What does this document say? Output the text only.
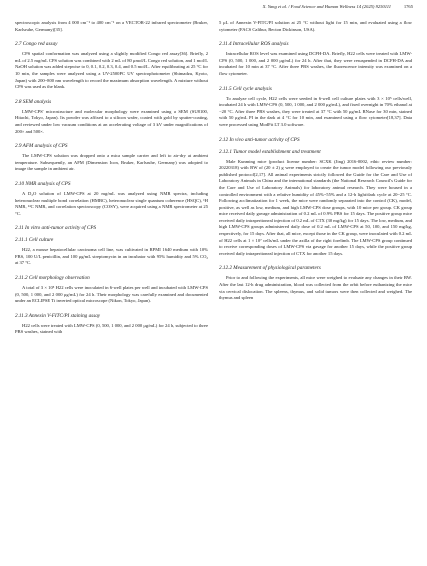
X. Yang et al. / Food Science and Human Wellness 14 (2025) 9250111	1765

spectroscopic analysis from 4 000 cm⁻¹ to 400 cm⁻¹ on a VECTOR-22 infrared spectrometer (Bruker, Karlsruhe, Germany)[35].

2.7 Congo red assay

CPS spatial conformation was analyzed using a slightly modified Congo red assay[36]. Briefly, 2 mL of 2.5 mg/mL CPS solution was combined with 2 mL of 80 μmol/L Congo red solution, and 1 mol/L NaOH solution was added stepwise to 0, 0.1, 0.2, 0.3, 0.4, and 0.5 mol/L. After equilibrating at 25 °C for 10 min, the samples were analyzed using a UV-2500PC UV spectrophotometer (Shimadzu, Kyoto, Japan) with 200~800 nm wavelength to record the maximum absorption wavelength. A mixture without CPS was used as the blank.

2.8 SEM analysis

LMW-CPS' microstructure and molecular morphology were examined using a SEM (SU8100, Hitachi, Tokyo, Japan). Its powder was affixed to a silicon wafer, coated with gold by sputter-coating, and reviewed under low vacuum conditions at an accelerating voltage of 3 kV under magnifications of 200× and 500×.

2.9 AFM analysis of CPS

The LMW-CPS solution was dropped onto a mica sample carrier and left to air-dry at ambient temperature. Subsequently, an AFM (Dimension Icon, Bruker, Karlsruhe, Germany) was adopted to image the sample in ambient air.

2.10 NMR analysis of CPS

A D₂O solution of LMW-CPS at 20 mg/mL was analyzed using NMR spectra, including heteronuclear multiple bond correlation (HMBC), heteronuclear single quantum coherence (HSQC), ¹H NMR, ¹³C NMR, and correlation spectroscopy (COSY), were acquired using a NMR spectrometer at 25 °C.

2.11 In vitro anti-tumor activity of CPS
2.11.1 Cell culture

H22, a mouse hepatocellular carcinoma cell line, was cultivated in RPMI 1640 medium with 10% FBS, 100 U/L penicillin, and 100 μg/mL streptomycin in an incubator with 95% humidity and 5% CO₂ at 37 °C.

2.11.2 Cell morphology observation

A total of 3 × 10⁵ H22 cells were inoculated in 6-well plates per well and incubated with LMW-CPS (0, 500, 1 000, and 2 000 μg/mL) for 24 h. Their morphology was carefully examined and documented under an ECLIPSE Ti inverted optical microscope (Nikon, Tokyo, Japan).

2.11.3 Annexin V-FITC/PI staining assay

H22 cells were treated with LMW-CPS (0, 500, 1 000, and 2 000 μg/mL) for 24 h, subjected to three PBS washes, stained with

5 μL of Annexin V-FITC/PI solution at 25 °C without light for 15 min, and evaluated using a flow cytometer (FACS Calibur, Becton Dickinson, USA).

2.11.4 Intracellular ROS analysis

Intracellular ROS level was examined using DCFH-DA. Briefly, H22 cells were treated with LMW-CPS (0, 500, 1 000, and 2 000 μg/mL) for 24 h. After that, they were resuspended in DCFH-DA and incubated for 10 min at 37 °C. After three PBS washes, the fluorescence intensity was examined on a flow cytometer.

2.11.5 Cell cycle analysis

To analyze cell cycle, H22 cells were seeded in 6-well cell culture plates with 3 × 10⁵ cells/well, incubated 24 h with LMW-CPS (0, 500, 1 000, and 2 000 μg/mL), and fixed overnight in 70% ethanol at −20 °C. After three PBS washes, they were treated at 37 °C with 50 μg/mL RNase for 30 min, stained with 50 μg/mL PI in the dark at 4 °C for 10 min, and examined using a flow cytometer[18,37]. Data were processed using ModFit LT 3.0 software.

2.12 In vivo anti-tumor activity of CPS
2.12.1 Tumor model establishment and treatment

Male Kunming mice (product license number: SCXK (Jing) 2016-0002, ethic review number: 20220318) with BW of (20 ± 2) g were employed to create the tumor model following our previously published protocol[2,17]. All animal experiments strictly followed the Guide for the Care and Use of Laboratory Animals in China and the international standards (the National Research Council's Guide for the Care and Use of Laboratory Animals) for laboratory animal research. They were housed in a controlled environment with a relative humidity of 45%~55% and a 12-h light/dark cycle at 20~25 °C. Following acclimatization for 1 week, the mice were randomly separated into the control (CK), model, positive, as well as low, medium, and high LMW-CPS dose groups, with 10 mice per group. CK group mice received daily gavage administration of 0.2 mL of 0.9% PBS for 15 days. The positive group mice received daily intraperitoneal injection of 0.2 mL of CTX (30 mg/kg) for 15 days. The low, medium, and high LMW-CPS groups administered daily dose of 0.2 mL of LMW-CPS at 50, 100, and 150 mg/kg, respectively, for 15 days. After that, all mice, except those in the CK group, were inoculated with 0.2 mL of H22 cells at 1 × 10⁷ cells/mL under the axilla of the right forelimb. The LMW-CPS group continued to receive corresponding doses of LMW-CPS via gavage for another 15 days, while the positive group received daily intraperitoneal injection of CTX for another 15 days.

2.12.2 Measurement of physiological parameters

Prior to and following the experiments, all mice were weighed to evaluate any changes in their BW. After the last 12-h drug administration, blood was collected from the orbit before euthanizing the mice via cervical dislocation. The spleens, thymus, and solid tumors were then collected and weighed. The thymus and spleen
